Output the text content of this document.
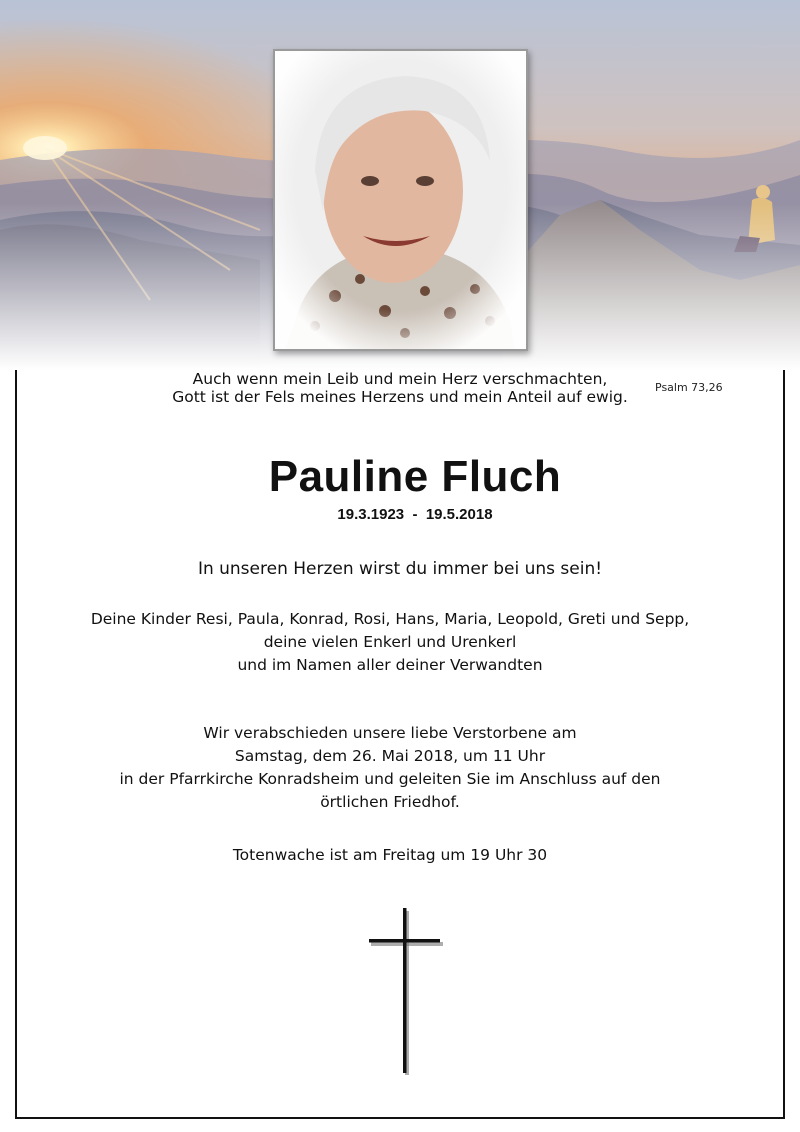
Auch wenn mein Leib und mein Herz verschmachten,
Gott ist der Fels meines Herzens und mein Anteil auf ewig.
Psalm 73,26
Pauline Fluch
19.3.1923  -  19.5.2018
In unseren Herzen wirst du immer bei uns sein!
Deine Kinder Resi, Paula, Konrad, Rosi, Hans, Maria, Leopold, Greti und Sepp,
deine vielen Enkerl und Urenkerl
und im Namen aller deiner Verwandten
Wir verabschieden unsere liebe Verstorbene am
Samstag, dem 26. Mai 2018, um 11 Uhr
in der Pfarrkirche Konradsheim und geleiten Sie im Anschluss auf den
örtlichen Friedhof.
Totenwache ist am Freitag um 19 Uhr 30
